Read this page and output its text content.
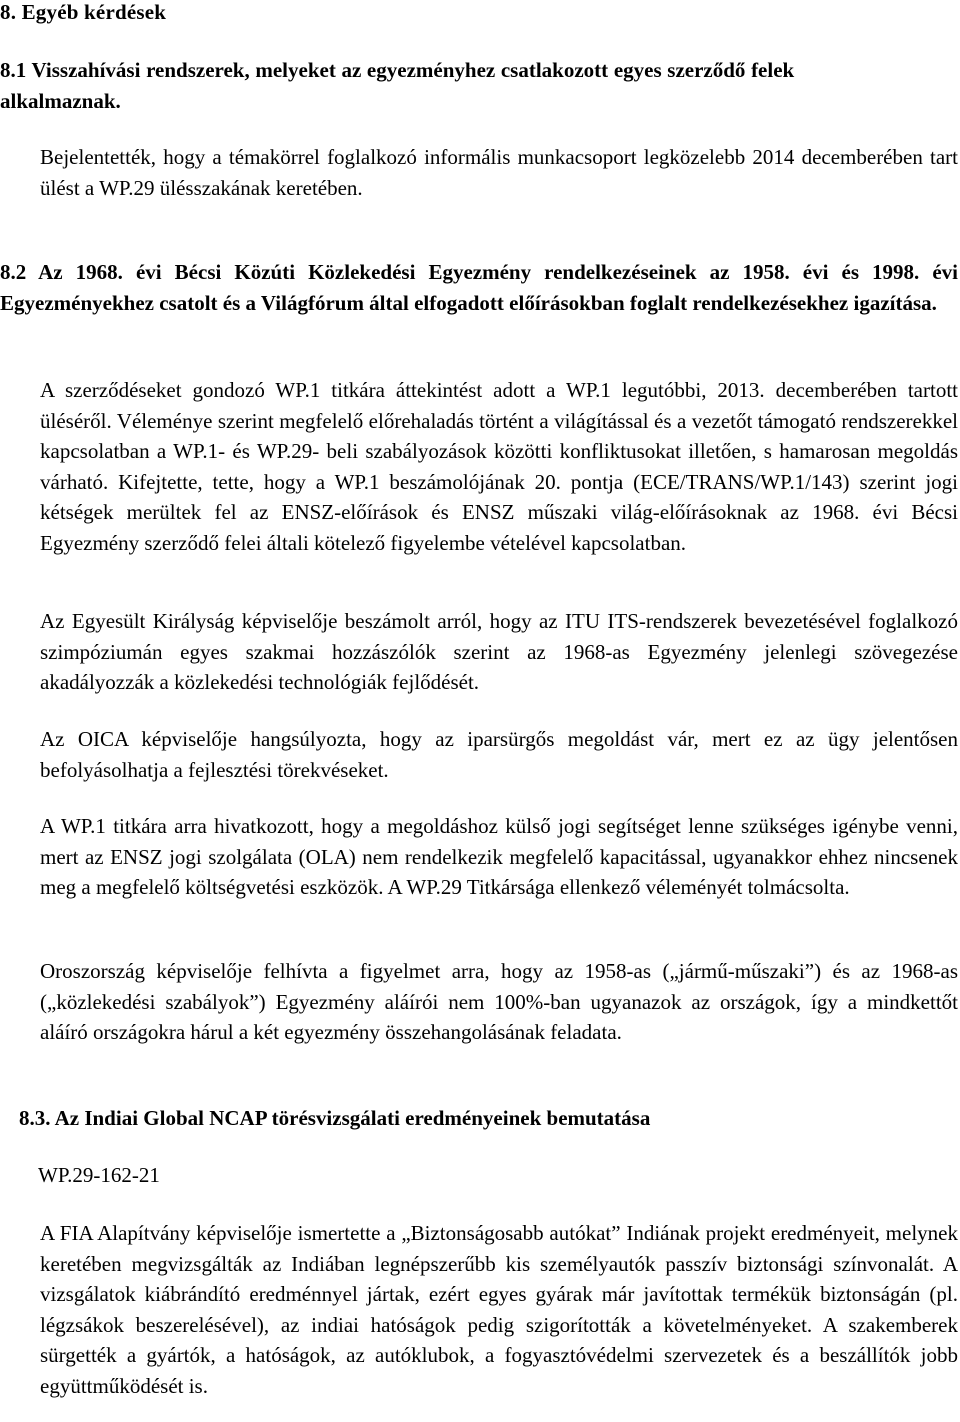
8. Egyéb kérdések
8.1 Visszahívási rendszerek, melyeket az egyezményhez csatlakozott egyes szerződő felek
alkalmaznak.

Bejelentették, hogy a témakörrel foglalkozó informális munkacsoport legközelebb 2014 decemberében tart ülést a WP.29 ülésszakának keretében.

8.2 Az 1968. évi Bécsi Közúti Közlekedési Egyezmény rendelkezéseinek az 1958. évi és 1998. évi Egyezményekhez csatolt és a Világfórum által elfogadott előírásokban foglalt rendelkezésekhez igazítása.

A szerződéseket gondozó WP.1 titkára áttekintést adott a WP.1 legutóbbi, 2013. decemberében tartott üléséről. Véleménye szerint megfelelő előrehaladás történt a világítással és a vezetőt támogató rendszerekkel kapcsolatban a WP.1- és WP.29- beli szabályozások közötti konfliktusokat illetően, s hamarosan megoldás várható. Kifejtette, tette, hogy a WP.1 beszámolójának 20. pontja (ECE/TRANS/WP.1/143) szerint jogi kétségek merültek fel az ENSZ-előírások és ENSZ műszaki világ-előírásoknak az 1968. évi Bécsi Egyezmény szerződő felei általi kötelező figyelembe vételével kapcsolatban.

Az Egyesült Királyság képviselője beszámolt arról, hogy az ITU ITS-rendszerek bevezetésével foglalkozó szimpóziumán egyes szakmai hozzászólók szerint az 1968-as Egyezmény jelenlegi szövegezése akadályozzák a közlekedési technológiák fejlődését.

Az OICA képviselője hangsúlyozta, hogy az iparsürgős megoldást vár, mert ez az ügy jelentősen befolyásolhatja a fejlesztési törekvéseket.

A WP.1 titkára arra hivatkozott, hogy a megoldáshoz külső jogi segítséget lenne szükséges igénybe venni, mert az ENSZ jogi szolgálata (OLA) nem rendelkezik megfelelő kapacitással, ugyanakkor ehhez nincsenek meg a megfelelő költségvetési eszközök. A WP.29 Titkársága ellenkező véleményét tolmácsolta.

Oroszország képviselője felhívta a figyelmet arra, hogy az 1958-as („jármű-műszaki”) és az 1968-as („közlekedési szabályok”) Egyezmény aláírói nem 100%-ban ugyanazok az országok, így a mindkettőt aláíró országokra hárul a két egyezmény összehangolásának feladata.

8.3. Az Indiai Global NCAP törésvizsgálati eredményeinek bemutatása
WP.29-162-21

A FIA Alapítvány képviselője ismertette a „Biztonságosabb autókat” Indiának projekt eredményeit, melynek keretében megvizsgálták az Indiában legnépszerűbb kis személyautók passzív biztonsági színvonalát. A vizsgálatok kiábrándító eredménnyel jártak, ezért egyes gyárak már javítottak termékük biztonságán (pl. légzsákok beszerelésével), az indiai hatóságok pedig szigorították a követelményeket. A szakemberek sürgették a gyártók, a hatóságok, az autóklubok, a fogyasztóvédelmi szervezetek és a beszállítók jobb együttműködését is.
